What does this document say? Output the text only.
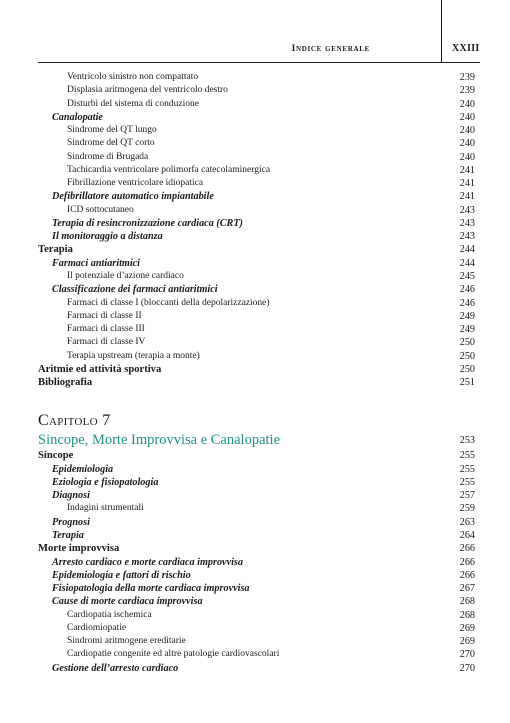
Indice generale	XXIII
Ventricolo sinistro non compattato	239
Displasia aritmogena del ventricolo destro	239
Disturbi del sistema di conduzione	240
Canalopatie	240
Sindrome del QT lungo	240
Sindrome del QT corto	240
Sindrome di Brugada	240
Tachicardia ventricolare polimorfa catecolaminergica	241
Fibrillazione ventricolare idiopatica	241
Defibrillatore automatico impiantabile	241
ICD sottocutaneo	243
Terapia di resincronizzazione cardiaca (CRT)	243
Il monitoraggio a distanza	243
Terapia	244
Farmaci antiaritmici	244
Il potenziale d’azione cardiaco	245
Classificazione dei farmaci antiaritmici	246
Farmaci di classe I (bloccanti della depolarizzazione)	246
Farmaci di classe II	249
Farmaci di classe III	249
Farmaci di classe IV	250
Terapia upstream (terapia a monte)	250
Aritmie ed attività sportiva	250
Bibliografia	251
Capitolo 7
Sincope, Morte Improvvisa e Canalopatie	253
Sincope	255
Epidemiologia	255
Eziologia e fisiopatologia	255
Diagnosi	257
Indagini strumentali	259
Prognosi	263
Terapia	264
Morte improvvisa	266
Arresto cardiaco e morte cardiaca improvvisa	266
Epidemiologia e fattori di rischio	266
Fisiopatologia della morte cardiaca improvvisa	267
Cause di morte cardiaca improvvisa	268
Cardiopatia ischemica	268
Cardiomiopatie	269
Sindromi aritmogene ereditarie	269
Cardiopatie congenite ed altre patologie cardiovascolari	270
Gestione dell’arresto cardiaco	270
